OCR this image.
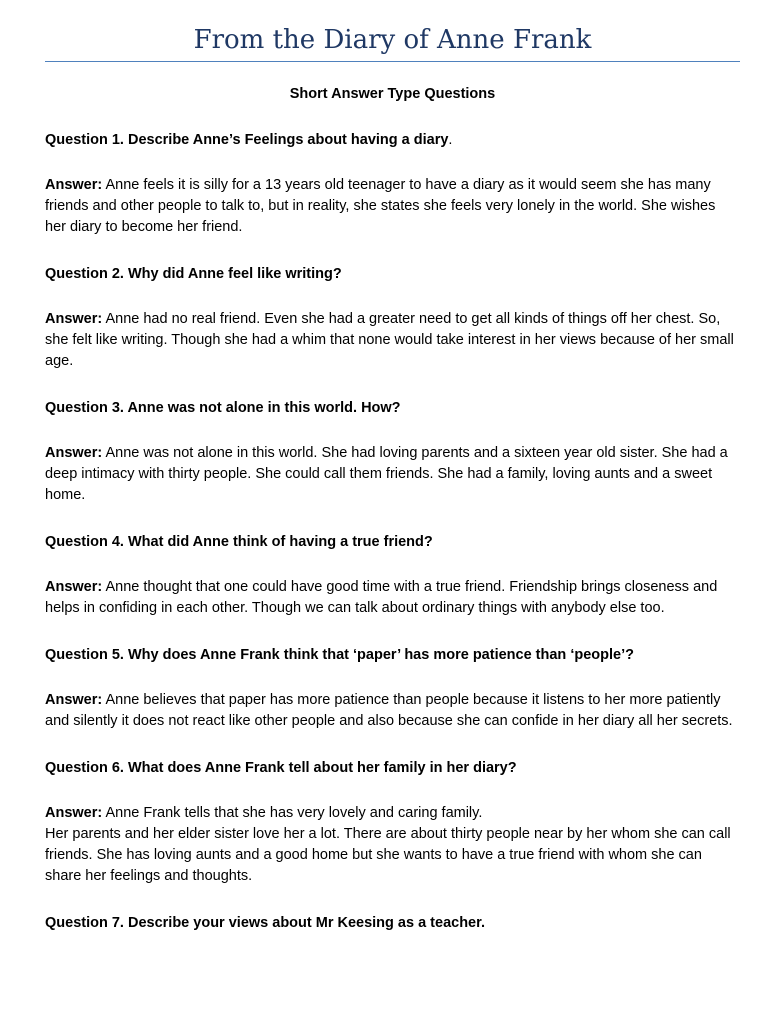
From the Diary of Anne Frank

Short Answer Type Questions

Question 1. Describe Anne’s Feelings about having a diary.

Answer: Anne feels it is silly for a 13 years old teenager to have a diary as it would seem she has many friends and other people to talk to, but in reality, she states she feels very lonely in the world. She wishes her diary to become her friend.

Question 2. Why did Anne feel like writing?

Answer: Anne had no real friend. Even she had a greater need to get all kinds of things off her chest. So, she felt like writing. Though she had a whim that none would take interest in her views because of her small age.

Question 3. Anne was not alone in this world. How?

Answer: Anne was not alone in this world. She had loving parents and a sixteen year old sister. She had a deep intimacy with thirty people. She could call them friends. She had a family, loving aunts and a sweet home.

Question 4. What did Anne think of having a true friend?

Answer: Anne thought that one could have good time with a true friend. Friendship brings closeness and helps in confiding in each other. Though we can talk about ordinary things with anybody else too.

Question 5. Why does Anne Frank think that ‘paper’ has more patience than ‘people’?

Answer: Anne believes that paper has more patience than people because it listens to her more patiently and silently it does not react like other people and also because she can confide in her diary all her secrets.

Question 6. What does Anne Frank tell about her family in her diary?

Answer: Anne Frank tells that she has very lovely and caring family.
Her parents and her elder sister love her a lot. There are about thirty people near by her whom she can call friends. She has loving aunts and a good home but she wants to have a true friend with whom she can share her feelings and thoughts.

Question 7. Describe your views about Mr Keesing as a teacher.
